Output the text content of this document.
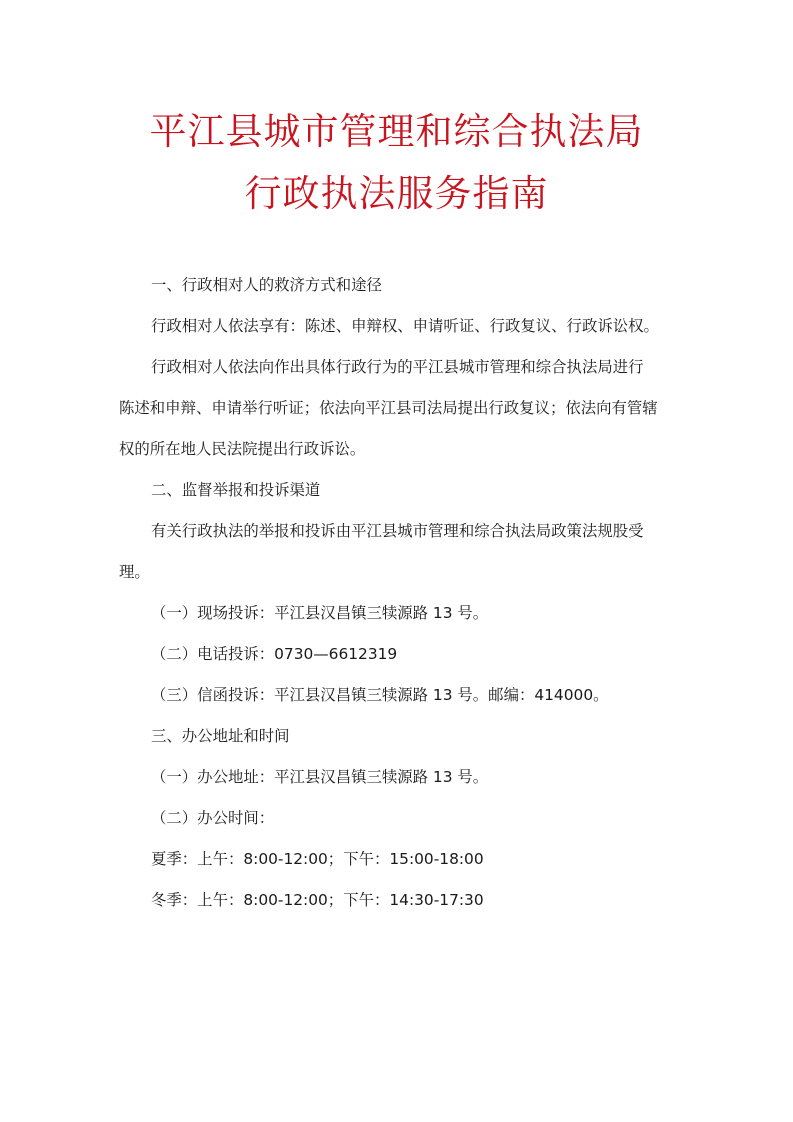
平江县城市管理和综合执法局
行政执法服务指南

一、行政相对人的救济方式和途径

行政相对人依法享有：陈述、申辩权、申请听证、行政复议、行政诉讼权。

行政相对人依法向作出具体行政行为的平江县城市管理和综合执法局进行

陈述和申辩、申请举行听证；依法向平江县司法局提出行政复议；依法向有管辖

权的所在地人民法院提出行政诉讼。

二、监督举报和投诉渠道

有关行政执法的举报和投诉由平江县城市管理和综合执法局政策法规股受

理。

（一）现场投诉：平江县汉昌镇三犊源路 13 号。

（二）电话投诉：0730—6612319

（三）信函投诉：平江县汉昌镇三犊源路 13 号。邮编：414000。

三、办公地址和时间

（一）办公地址：平江县汉昌镇三犊源路 13 号。

（二）办公时间：

夏季：上午：8:00-12:00；下午：15:00-18:00

冬季：上午：8:00-12:00；下午：14:30-17:30
